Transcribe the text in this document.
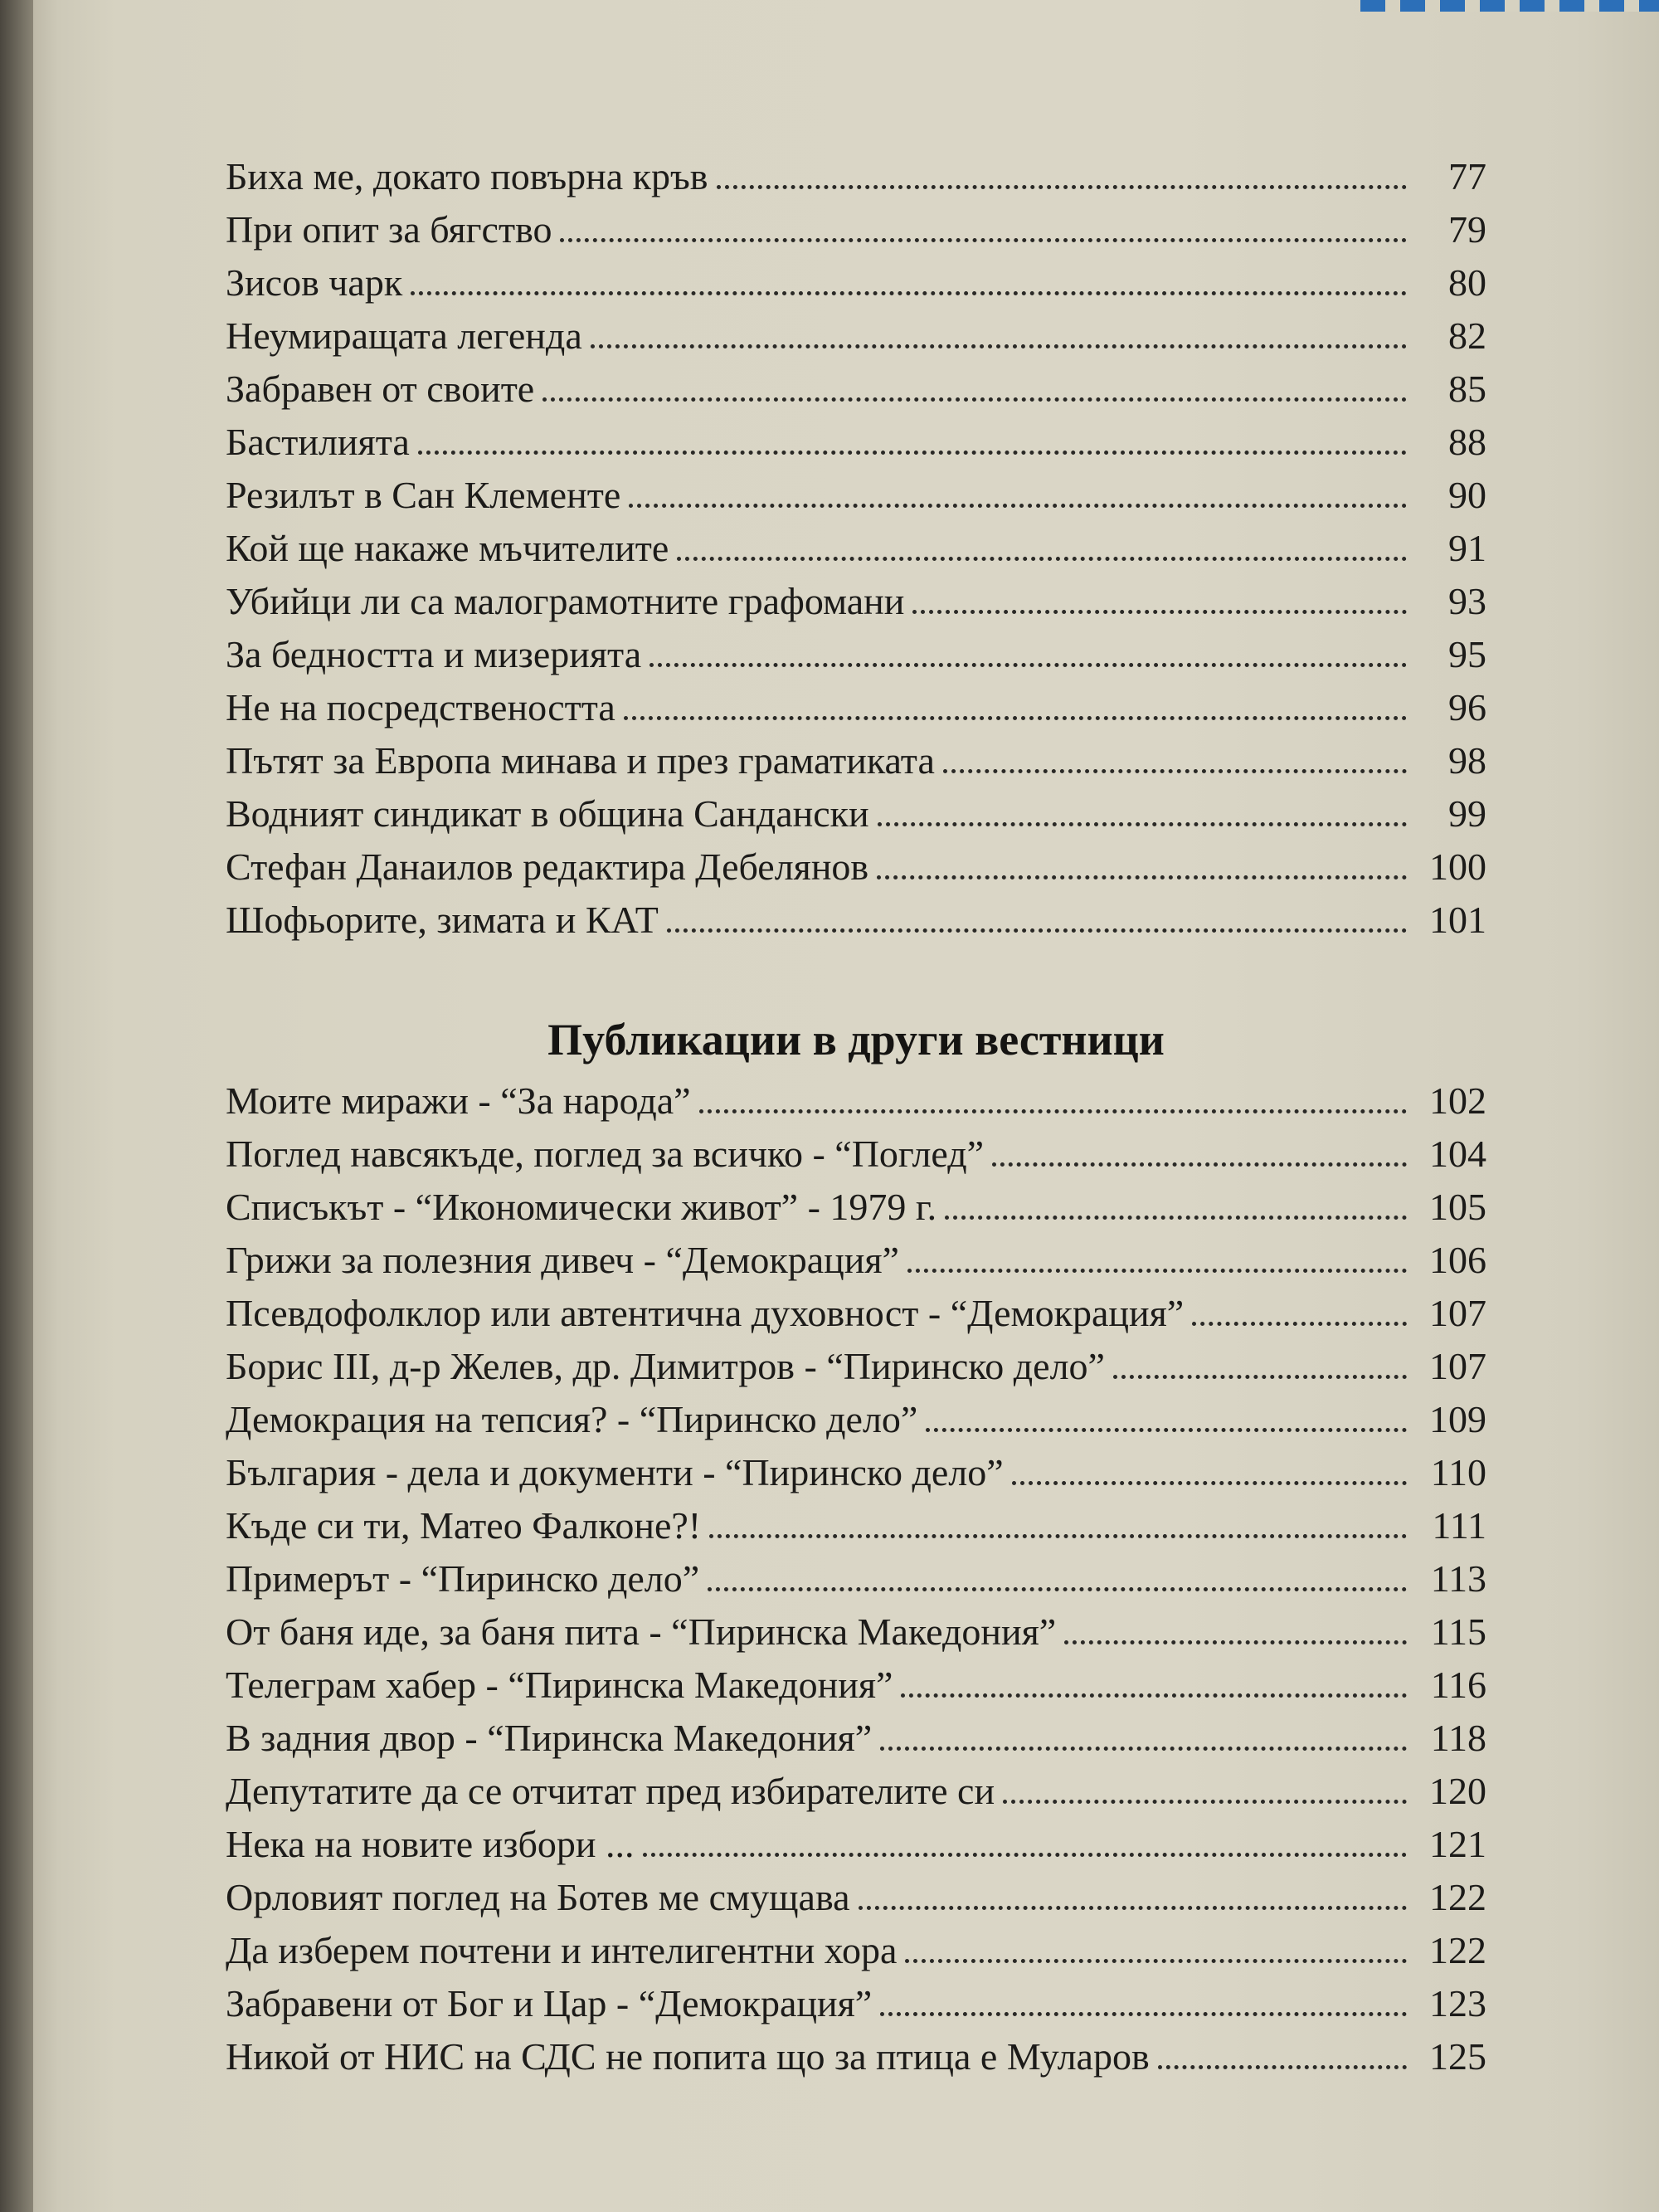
Биха ме, докато повърна кръв	77
При опит за бягство	79
Зисов чарк	80
Неумиращата легенда	82
Забравен от своите	85
Бастилията	88
Резилът в Сан Клементе	90
Кой ще накаже мъчителите	91
Убийци ли са малограмотните графомани	93
За бедността и мизерията	95
Не на посредствеността	96
Пътят за Европа минава и през граматиката	98
Водният синдикат в община Сандански	99
Стефан Данаилов редактира Дебелянов	100
Шофьорите, зимата и КАТ	101
Публикации в други вестници
Моите миражи - “За народа”	102
Поглед навсякъде, поглед за всичко - “Поглед”	104
Списъкът - “Икономически живот” - 1979 г.	105
Грижи за полезния дивеч - “Демокрация”	106
Псевдофолклор или автентична духовност - “Демокрация”	107
Борис III, д-р Желев, др. Димитров - “Пиринско дело”	107
Демокрация на тепсия? - “Пиринско дело”	109
България - дела и документи - “Пиринско дело”	110
Къде си ти, Матео Фалконе?!	111
Примерът - “Пиринско дело”	113
От баня иде, за баня пита - “Пиринска Македония”	115
Телеграм хабер - “Пиринска Македония”	116
В задния двор - “Пиринска Македония”	118
Депутатите да се отчитат пред избирателите си	120
Нека на новите избори ...	121
Орловият поглед на Ботев ме смущава	122
Да изберем почтени и интелигентни хора	122
Забравени от Бог и Цар - “Демокрация”	123
Никой от НИС на СДС не попита що за птица е Муларов	125
